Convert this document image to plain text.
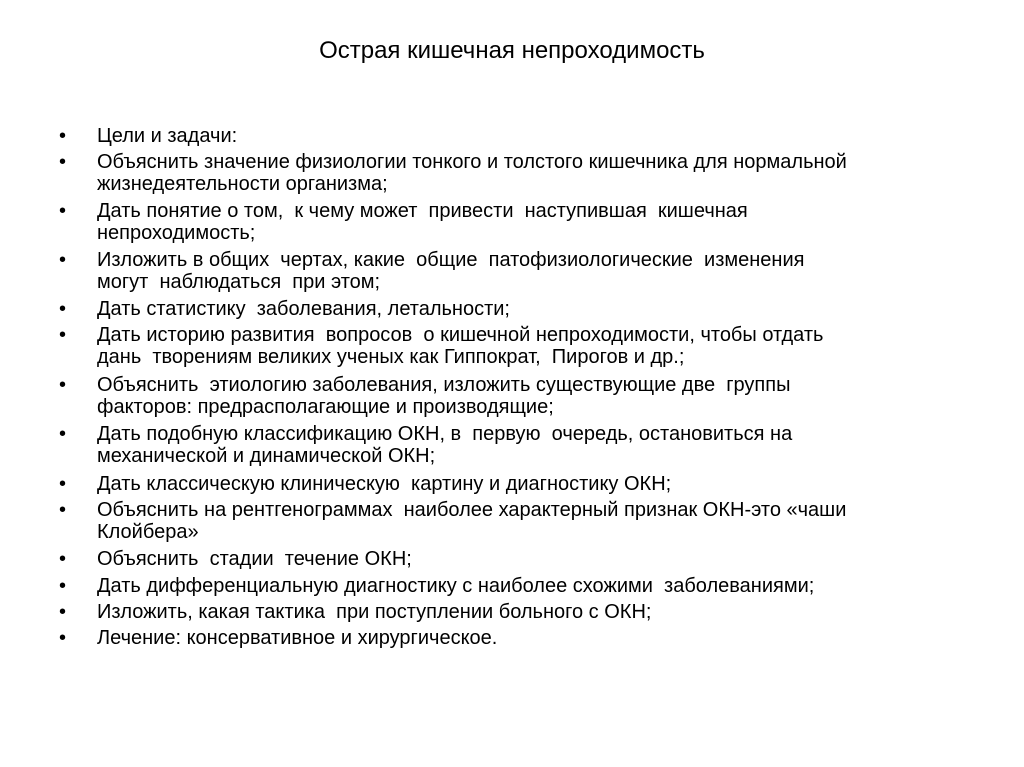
Острая кишечная непроходимость
• Цели и задачи:
• Объяснить значение физиологии тонкого и толстого кишечника для нормальной
жизнедеятельности организма;
• Дать понятие о том,  к чему может  привести  наступившая  кишечная
непроходимость;
• Изложить в общих  чертах, какие  общие  патофизиологические  изменения
могут  наблюдаться  при этом;
• Дать статистику  заболевания, летальности;
• Дать историю развития  вопросов  о кишечной непроходимости, чтобы отдать
дань  творениям великих ученых как Гиппократ,  Пирогов и др.;
• Объяснить  этиологию заболевания, изложить существующие две  группы
факторов: предрасполагающие и производящие;
• Дать подобную классификацию ОКН, в  первую  очередь, остановиться на
механической и динамической ОКН;
• Дать классическую клиническую  картину и диагностику ОКН;
• Объяснить на рентгенограммах  наиболее характерный признак ОКН-это «чаши
Клойбера»
• Объяснить  стадии  течение ОКН;
• Дать дифференциальную диагностику с наиболее схожими  заболеваниями;
• Изложить, какая тактика  при поступлении больного с ОКН;
• Лечение: консервативное и хирургическое.
